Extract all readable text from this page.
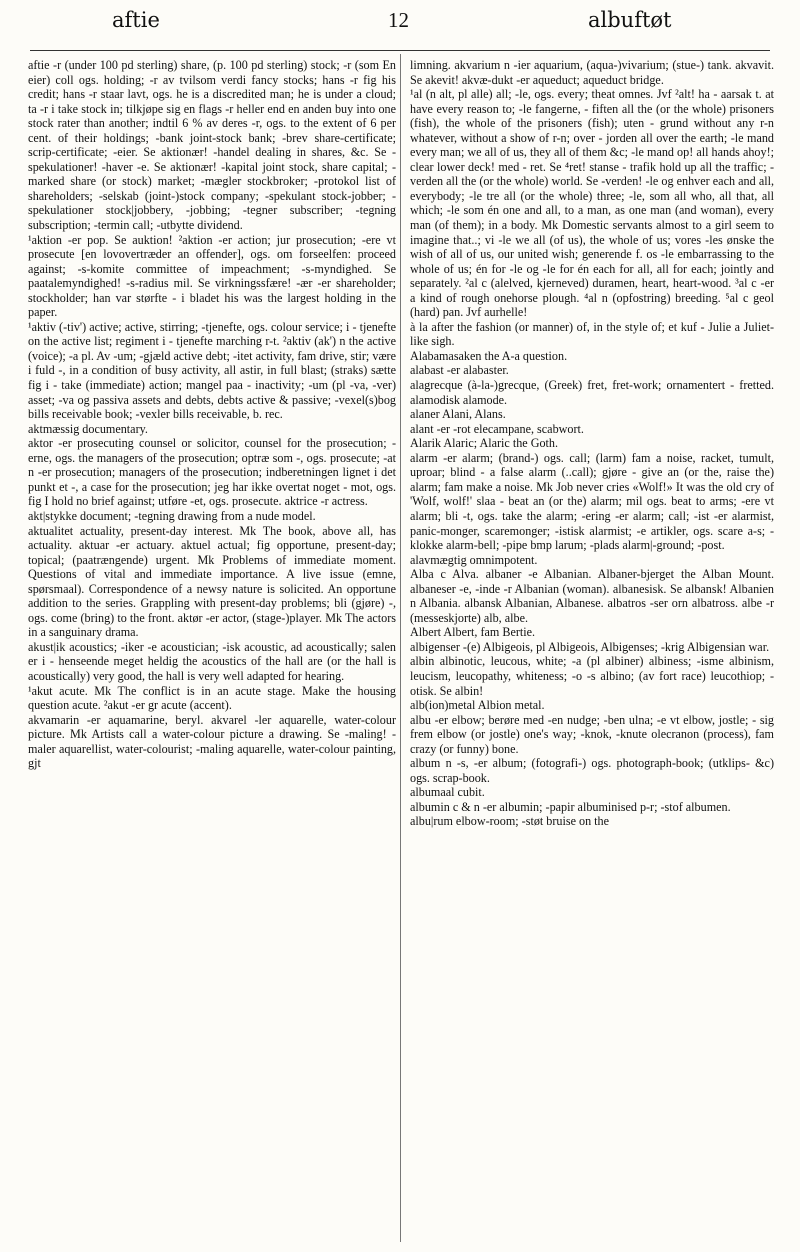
aftie	12	albuftøt
aftie -r (under 100 pd sterling) share, (p. 100 pd sterling) stock; -r (som En eier) coll ogs. holding; -r av tvilsom verdi fancy stocks; hans -r fig his credit; hans -r staar lavt, ogs. he is a discredited man; he is under a cloud; ta -r i take stock in; tilkjøpe sig en flags -r heller end en anden buy into one stock rater than another; indtil 6 % av deres -r, ogs. to the extent of 6 per cent. of their holdings; -bank joint-stock bank; -brev share-certificate; scrip-certificate; -eier. Se aktionær! -handel dealing in shares, &c. Se -spekulationer! -haver -e. Se aktionær! -kapital joint stock, share capital; -marked share (or stock) market; -mægler stockbroker; -protokol list of shareholders; -selskab (joint-)stock company; -spekulant stock-jobber; -spekulationer stock|jobbery, -jobbing; -tegner subscriber; -tegning subscription; -termin call; -utbytte dividend.
¹aktion -er pop. Se auktion! ²aktion -er action; jur prosecution; -ere vt prosecute [en lovovertræder an offender], ogs. om forseelfen: proceed against; -s-komite committee of impeachment; -s-myndighed. Se paatalemyndighed! -s-radius mil. Se virkningssfære! -ær -er shareholder; stockholder; han var størfte - i bladet his was the largest holding in the paper.
¹aktiv (-tiv') active; active, stirring; -tjenefte, ogs. colour service; i - tjenefte on the active list; regiment i - tjenefte marching r-t. ²aktiv (ak') n the active (voice); -a pl. Av -um; -gjæld active debt; -itet activity, fam drive, stir; være i fuld -, in a condition of busy activity, all astir, in full blast; (straks) sætte fig i - take (immediate) action; mangel paa - inactivity; -um (pl -va, -ver) asset; -va og passiva assets and debts, debts active & passive; -vexel(s)bog bills receivable book; -vexler bills receivable, b. rec.
aktmæssig documentary.
aktor -er prosecuting counsel or solicitor, counsel for the prosecution; -erne, ogs. the managers of the prosecution; optræ som -, ogs. prosecute; -at n -er prosecution; managers of the prosecution; indberetningen lignet i det punkt et -, a case for the prosecution; jeg har ikke overtat noget - mot, ogs. fig I hold no brief against; utføre -et, ogs. prosecute. aktrice -r actress.
akt|stykke document; -tegning drawing from a nude model.
aktualitet actuality, present-day interest. Mk The book, above all, has actuality. aktuar -er actuary. aktuel actual; fig opportune, present-day; topical; (paatrængende) urgent. Mk Problems of immediate moment. Questions of vital and immediate importance. A live issue (emne, spørsmaal). Correspondence of a newsy nature is solicited. An opportune addition to the series. Grappling with present-day problems; bli (gjøre) -, ogs. come (bring) to the front. aktør -er actor, (stage-)player. Mk The actors in a sanguinary drama.
akust|ik acoustics; -iker -e acoustician; -isk acoustic, ad acoustically; salen er i - henseende meget heldig the acoustics of the hall are (or the hall is acoustically) very good, the hall is very well adapted for hearing.
¹akut acute. Mk The conflict is in an acute stage. Make the housing question acute. ²akut -er gr acute (accent).
akvamarin -er aquamarine, beryl. akvarel -ler aquarelle, water-colour picture. Mk Artists call a water-colour picture a drawing. Se -maling! -maler aquarellist, water-colourist; -maling aquarelle, water-colour painting, gjt
limning. akvarium n -ier aquarium, (aqua-)vivarium; (stue-) tank. akvavit. Se akevit! akvæ-dukt -er aqueduct; aqueduct bridge.
¹al (n alt, pl alle) all; -le, ogs. every; theat omnes. Jvf ²alt! ha - aarsak t. at have every reason to; -le fangerne, - fiften all the (or the whole) prisoners (fish), the whole of the prisoners (fish); uten - grund without any r-n whatever, without a show of r-n; over - jorden all over the earth; -le mand every man; we all of us, they all of them &c; -le mand op! all hands ahoy!; clear lower deck! med - ret. Se ⁴ret! stanse - trafik hold up all the traffic; - verden all the (or the whole) world. Se -verden! -le og enhver each and all, everybody; -le tre all (or the whole) three; -le, som all who, all that, all which; -le som én one and all, to a man, as one man (and woman), every man (of them); in a body. Mk Domestic servants almost to a girl seem to imagine that..; vi -le we all (of us), the whole of us; vores -les ønske the wish of all of us, our united wish; generende f. os -le embarrassing to the whole of us; én for -le og -le for én each for all, all for each; jointly and separately. ²al c (alelved, kjerneved) duramen, heart, heart-wood. ³al c -er a kind of rough onehorse plough. ⁴al n (opfostring) breeding. ⁵al c geol (hard) pan. Jvf aurhelle!
à la after the fashion (or manner) of, in the style of; et kuf - Julie a Juliet-like sigh.
Alabamasaken the A-a question.
alabast -er alabaster.
alagrecque (à-la-)grecque, (Greek) fret, fret-work; ornamentert - fretted. alamodisk alamode.
alaner Alani, Alans.
alant -er -rot elecampane, scabwort.
Alarik Alaric; Alaric the Goth.
alarm -er alarm; (brand-) ogs. call; (larm) fam a noise, racket, tumult, uproar; blind - a false alarm (..call); gjøre - give an (or the, raise the) alarm; fam make a noise. Mk Job never cries «Wolf!» It was the old cry of 'Wolf, wolf!' slaa - beat an (or the) alarm; mil ogs. beat to arms; -ere vt alarm; bli -t, ogs. take the alarm; -ering -er alarm; call; -ist -er alarmist, panic-monger, scaremonger; -istisk alarmist; -e artikler, ogs. scare a-s; -klokke alarm-bell; -pipe bmp larum; -plads alarm|-ground; -post.
alavmægtig omnimpotent.
Alba c Alva. albaner -e Albanian. Albaner-bjerget the Alban Mount. albaneser -e, -inde -r Albanian (woman). albanesisk. Se albansk! Albanien n Albania. albansk Albanian, Albanese. albatros -ser orn albatross. albe -r (messeskjorte) alb, albe.
Albert Albert, fam Bertie.
albigenser -(e) Albigeois, pl Albigeois, Albigenses; -krig Albigensian war.
albin albinotic, leucous, white; -a (pl albiner) albiness; -isme albinism, leucism, leucopathy, whiteness; -o -s albino; (av fort race) leucothiop; -otisk. Se albin!
alb(ion)metal Albion metal.
albu -er elbow; berøre med -en nudge; -ben ulna; -e vt elbow, jostle; - sig frem elbow (or jostle) one's way; -knok, -knute olecranon (process), fam crazy (or funny) bone.
album n -s, -er album; (fotografi-) ogs. photograph-book; (utklips- &c) ogs. scrap-book.
albumaal cubit.
albumin c & n -er albumin; -papir albuminised p-r; -stof albumen.
albu|rum elbow-room; -støt bruise on the
